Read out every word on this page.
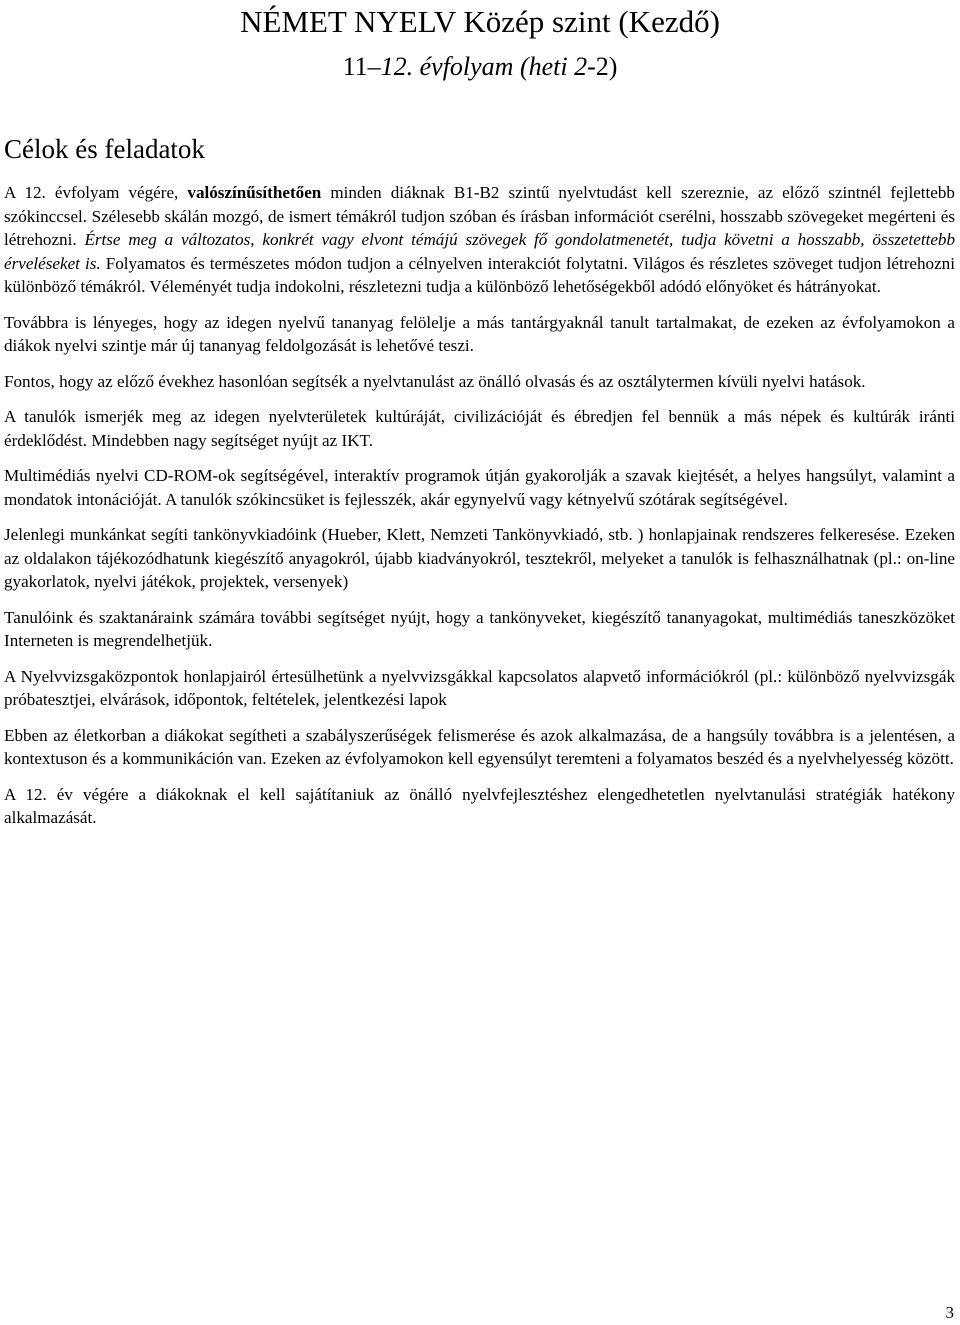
NÉMET NYELV Közép szint (Kezdő)
11–12. évfolyam (heti 2-2)
Célok és feladatok

A 12. évfolyam végére, valószínűsíthetően minden diáknak B1-B2 szintű nyelvtudást kell szereznie, az előző szintnél fejlettebb szókinccsel. Szélesebb skálán mozgó, de ismert témákról tudjon szóban és írásban információt cserélni, hosszabb szövegeket megérteni és létrehozni. Értse meg a változatos, konkrét vagy elvont témájú szövegek fő gondolatmenetét, tudja követni a hosszabb, összetettebb érveléseket is. Folyamatos és természetes módon tudjon a célnyelven interakciót folytatni. Világos és részletes szöveget tudjon létrehozni különböző témákról. Véleményét tudja indokolni, részletezni tudja a különböző lehetőségekből adódó előnyöket és hátrányokat.

Továbbra is lényeges, hogy az idegen nyelvű tananyag felölelje a más tantárgyaknál tanult tartalmakat, de ezeken az évfolyamokon a diákok nyelvi szintje már új tananyag feldolgozását is lehetővé teszi.

Fontos, hogy az előző évekhez hasonlóan segítsék a nyelvtanulást az önálló olvasás és az osztálytermen kívüli nyelvi hatások.

A tanulók ismerjék meg az idegen nyelvterületek kultúráját, civilizációját és ébredjen fel bennük a más népek és kultúrák iránti érdeklődést. Mindebben nagy segítséget nyújt az IKT.

Multimédiás nyelvi CD-ROM-ok segítségével, interaktív programok útján gyakorolják a szavak kiejtését, a helyes hangsúlyt, valamint a mondatok intonációját. A tanulók szókincsüket is fejlesszék, akár egynyelvű vagy kétnyelvű szótárak segítségével.

Jelenlegi munkánkat segíti tankönyvkiadóink (Hueber, Klett, Nemzeti Tankönyvkiadó, stb. ) honlapjainak rendszeres felkeresése. Ezeken az oldalakon tájékozódhatunk kiegészítő anyagokról, újabb kiadványokról, tesztekről, melyeket a tanulók is felhasználhatnak (pl.: on-line gyakorlatok, nyelvi játékok, projektek, versenyek)

Tanulóink és szaktanáraink számára további segítséget nyújt, hogy a tankönyveket, kiegészítő tananyagokat, multimédiás taneszközöket Interneten is megrendelhetjük.

A Nyelvvizsgaközpontok honlapjairól értesülhetünk a nyelvvizsgákkal kapcsolatos alapvető információkról (pl.: különböző nyelvvizsgák próbatesztjei, elvárások, időpontok, feltételek, jelentkezési lapok

Ebben az életkorban a diákokat segítheti a szabályszerűségek felismerése és azok alkalmazása, de a hangsúly továbbra is a jelentésen, a kontextuson és a kommunikáción van. Ezeken az évfolyamokon kell egyensúlyt teremteni a folyamatos beszéd és a nyelvhelyesség között.

A 12. év végére a diákoknak el kell sajátítaniuk az önálló nyelvfejlesztéshez elengedhetetlen nyelvtanulási stratégiák hatékony alkalmazását.

3
